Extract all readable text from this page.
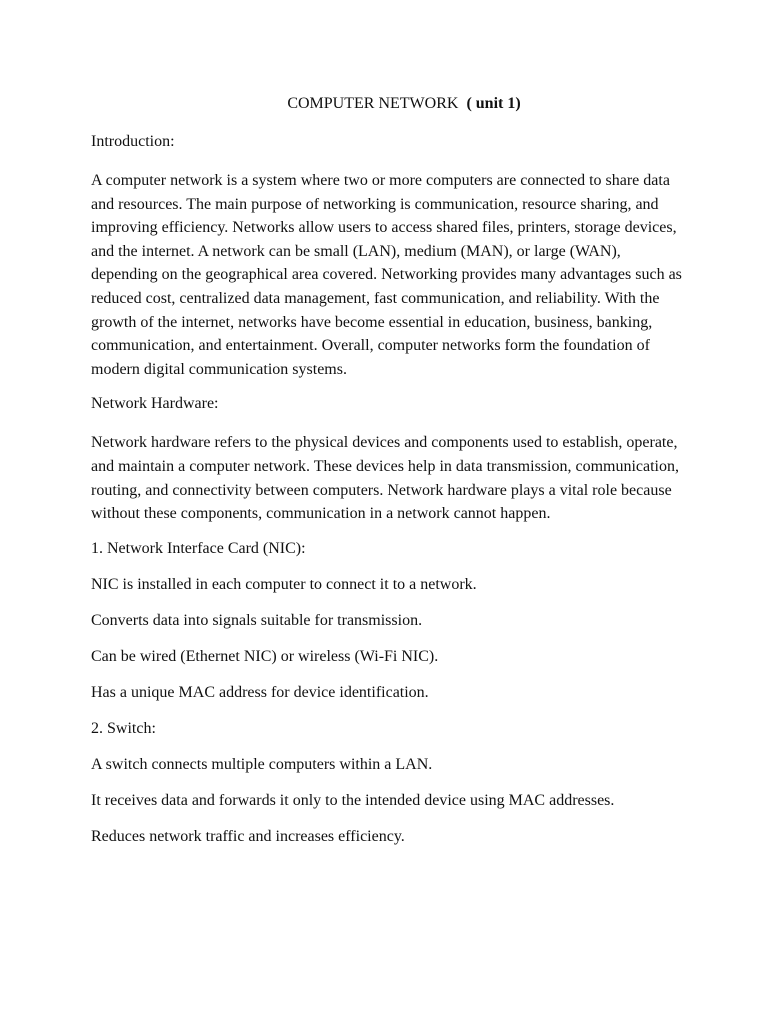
COMPUTER NETWORK ( unit 1)
Introduction:
A computer network is a system where two or more computers are connected to share data and resources. The main purpose of networking is communication, resource sharing, and improving efficiency. Networks allow users to access shared files, printers, storage devices, and the internet. A network can be small (LAN), medium (MAN), or large (WAN), depending on the geographical area covered. Networking provides many advantages such as reduced cost, centralized data management, fast communication, and reliability. With the growth of the internet, networks have become essential in education, business, banking, communication, and entertainment. Overall, computer networks form the foundation of modern digital communication systems.
Network Hardware:
Network hardware refers to the physical devices and components used to establish, operate, and maintain a computer network. These devices help in data transmission, communication, routing, and connectivity between computers. Network hardware plays a vital role because without these components, communication in a network cannot happen.
1. Network Interface Card (NIC):
NIC is installed in each computer to connect it to a network.
Converts data into signals suitable for transmission.
Can be wired (Ethernet NIC) or wireless (Wi-Fi NIC).
Has a unique MAC address for device identification.
2. Switch:
A switch connects multiple computers within a LAN.
It receives data and forwards it only to the intended device using MAC addresses.
Reduces network traffic and increases efficiency.
